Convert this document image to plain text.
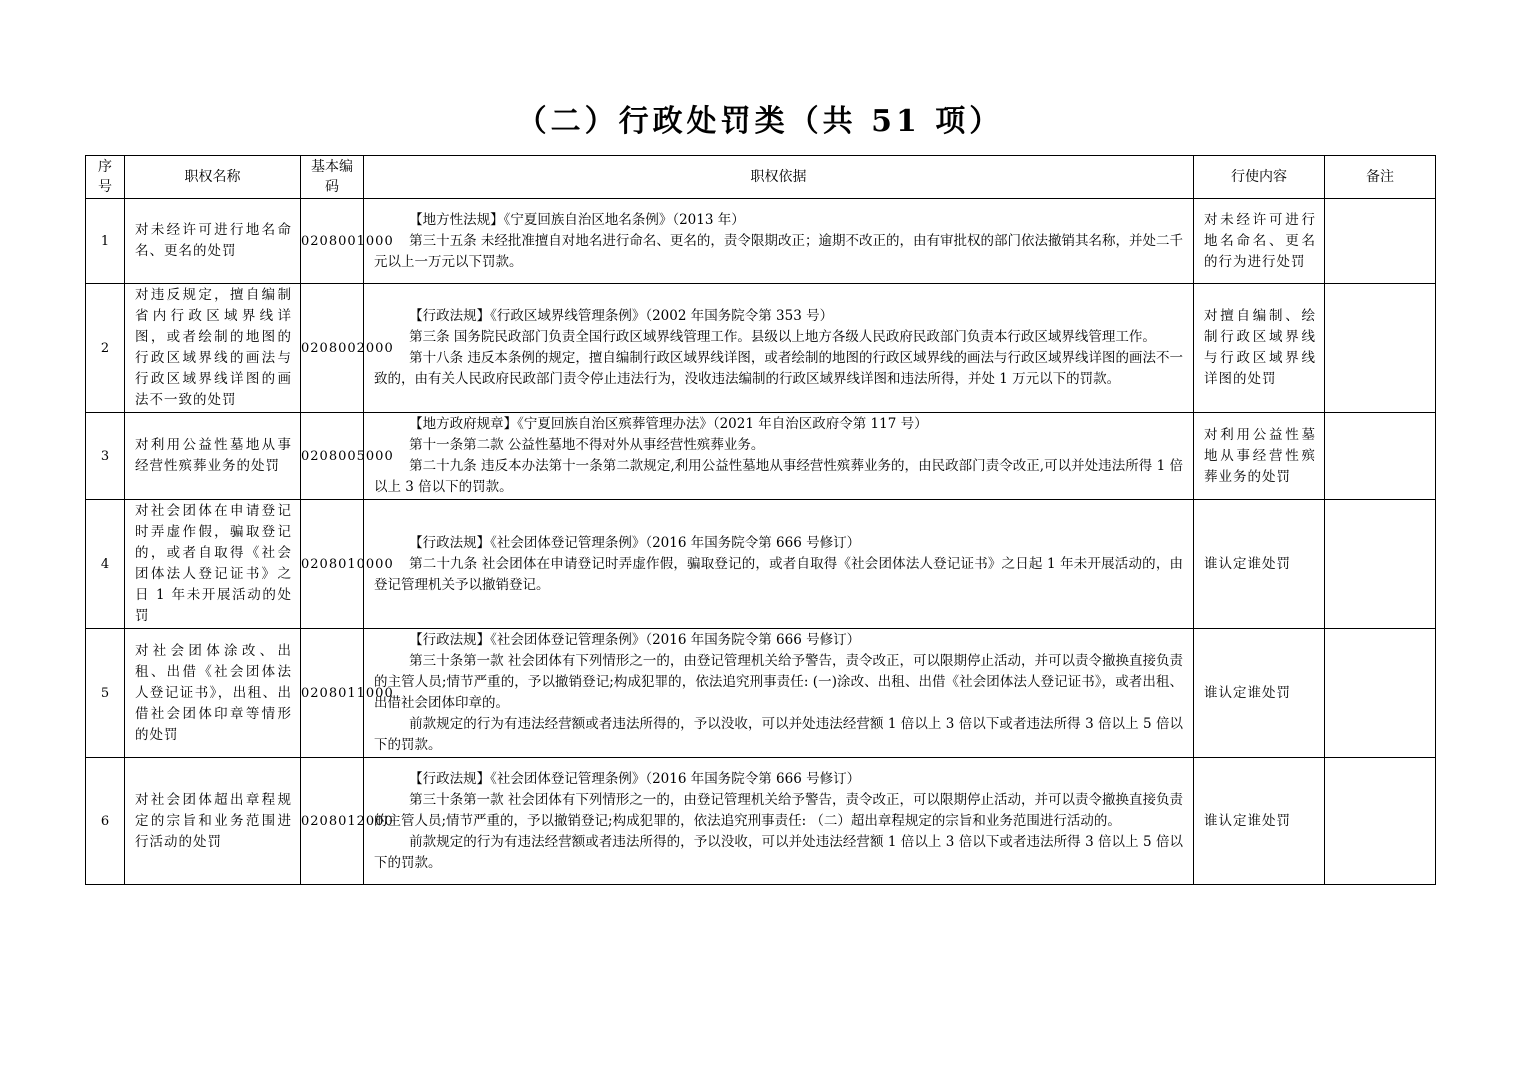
（二）行政处罚类（共 51 项）
序号	职权名称	基本编码	职权依据	行使内容	备注
1	对未经许可进行地名命名、更名的处罚	0208001000	【地方性法规】《宁夏回族自治区地名条例》（2013 年）

第三十五条 未经批准擅自对地名进行命名、更名的，责令限期改正；逾期不改正的，由有审批权的部门依法撤销其名称，并处二千元以上一万元以下罚款。	对未经许可进行地名命名、更名的行为进行处罚	
2	对违反规定，擅自编制省内行政区域界线详图，或者绘制的地图的行政区域界线的画法与行政区域界线详图的画法不一致的处罚	0208002000	【行政法规】《行政区域界线管理条例》（2002 年国务院令第 353 号）

第三条 国务院民政部门负责全国行政区域界线管理工作。县级以上地方各级人民政府民政部门负责本行政区域界线管理工作。

第十八条 违反本条例的规定，擅自编制行政区域界线详图，或者绘制的地图的行政区域界线的画法与行政区域界线详图的画法不一致的，由有关人民政府民政部门责令停止违法行为，没收违法编制的行政区域界线详图和违法所得，并处 1 万元以下的罚款。	对擅自编制、绘制行政区域界线与行政区域界线详图的处罚	
3	对利用公益性墓地从事经营性殡葬业务的处罚	0208005000	【地方政府规章】《宁夏回族自治区殡葬管理办法》（2021 年自治区政府令第 117 号）

第十一条第二款 公益性墓地不得对外从事经营性殡葬业务。

第二十九条 违反本办法第十一条第二款规定,利用公益性墓地从事经营性殡葬业务的，由民政部门责令改正,可以并处违法所得 1 倍以上 3 倍以下的罚款。	对利用公益性墓地从事经营性殡葬业务的处罚	
4	对社会团体在申请登记时弄虚作假，骗取登记的，或者自取得《社会团体法人登记证书》之日 1 年未开展活动的处罚	0208010000	【行政法规】《社会团体登记管理条例》（2016 年国务院令第 666 号修订）

第二十九条 社会团体在申请登记时弄虚作假，骗取登记的，或者自取得《社会团体法人登记证书》之日起 1 年未开展活动的，由登记管理机关予以撤销登记。	谁认定谁处罚	
5	对社会团体涂改、出租、出借《社会团体法人登记证书》，出租、出借社会团体印章等情形的处罚	0208011000	【行政法规】《社会团体登记管理条例》（2016 年国务院令第 666 号修订）

第三十条第一款 社会团体有下列情形之一的，由登记管理机关给予警告，责令改正，可以限期停止活动，并可以责令撤换直接负责的主管人员;情节严重的，予以撤销登记;构成犯罪的，依法追究刑事责任: (一)涂改、出租、出借《社会团体法人登记证书》，或者出租、出借社会团体印章的。

前款规定的行为有违法经营额或者违法所得的，予以没收，可以并处违法经营额 1 倍以上 3 倍以下或者违法所得 3 倍以上 5 倍以下的罚款。	谁认定谁处罚	
6	对社会团体超出章程规定的宗旨和业务范围进行活动的处罚	0208012000	【行政法规】《社会团体登记管理条例》（2016 年国务院令第 666 号修订）

第三十条第一款 社会团体有下列情形之一的，由登记管理机关给予警告，责令改正，可以限期停止活动，并可以责令撤换直接负责的主管人员;情节严重的，予以撤销登记;构成犯罪的，依法追究刑事责任: （二）超出章程规定的宗旨和业务范围进行活动的。

前款规定的行为有违法经营额或者违法所得的，予以没收，可以并处违法经营额 1 倍以上 3 倍以下或者违法所得 3 倍以上 5 倍以下的罚款。	谁认定谁处罚	
